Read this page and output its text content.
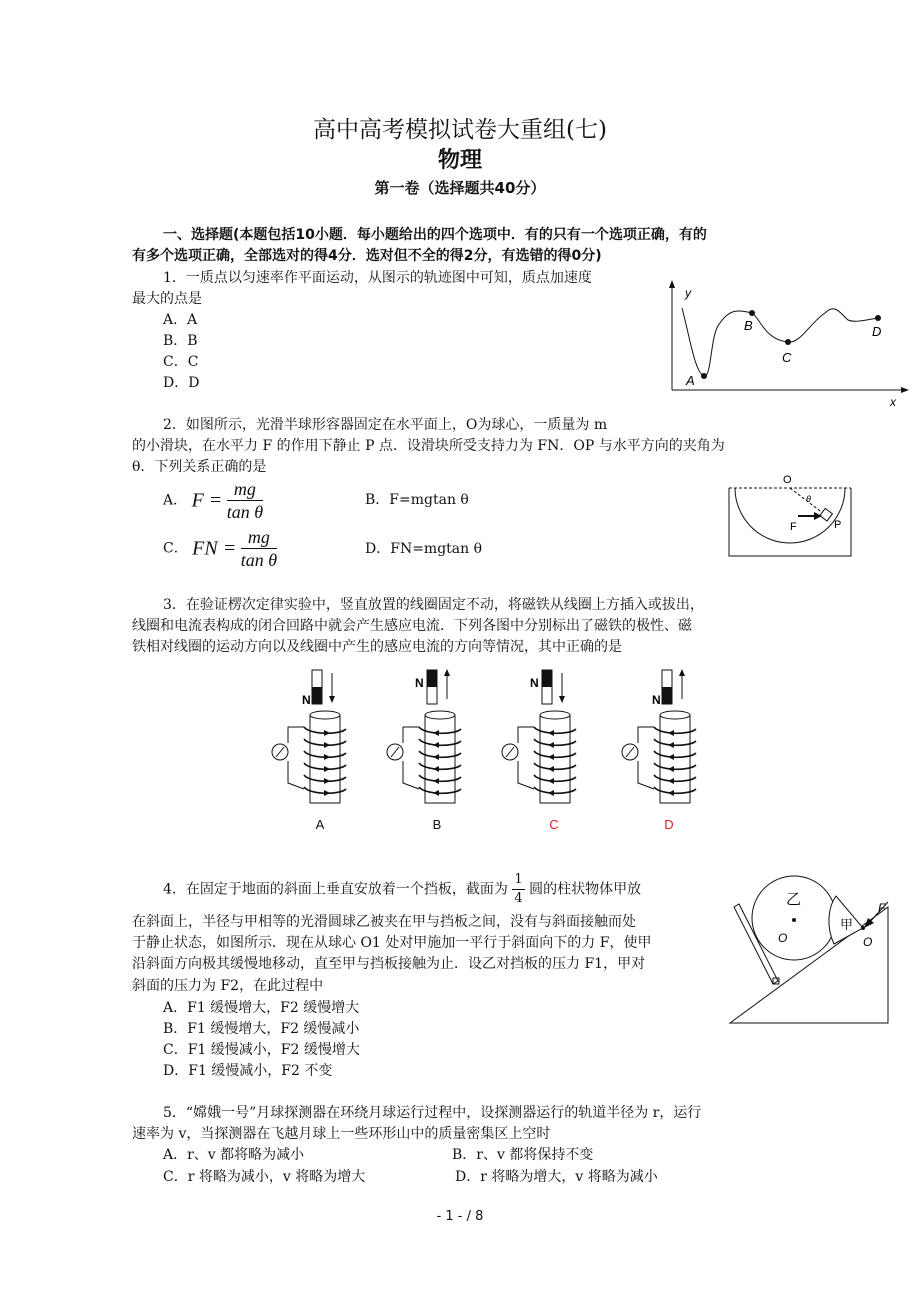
高中高考模拟试卷大重组(七)
物理
第一卷（选择题共40分）
一、选择题(本题包括10小题．每小题给出的四个选项中．有的只有一个选项正确，有的
有多个选项正确，全部选对的得4分．选对但不全的得2分，有选错的得0分)
1．一质点以匀速率作平面运动，从图示的轨迹图中可知，质点加速度
最大的点是
A．A
B．B
C．C
D．D
y
x
A
B
C
D
2．如图所示，光滑半球形容器固定在水平面上，O为球心，一质量为 m
的小滑块，在水平力 F 的作用下静止 P 点．设滑块所受支持力为 FN．OP 与水平方向的夹角为
θ．下列关系正确的是
A． $F = \frac{mg}{\text{tan θ}}$	B．F=mgtan θ
C． FN = $\frac{mg}{\text{tan θ}}$	D．FN=mgtan θ
O
θ
F	P
3．在验证楞次定律实验中，竖直放置的线圈固定不动，将磁铁从线圈上方插入或拔出，
线圈和电流表构成的闭合回路中就会产生感应电流．下列各图中分别标出了磁铁的极性、磁
铁相对线圈的运动方向以及线圈中产生的感应电流的方向等情况，其中正确的是
N
N	N
N
A	B	C	D
4．在固定于地面的斜面上垂直安放着一个挡板，截面为 $\frac{1}{4}$ 圆的柱状物体甲放
在斜面上，半径与甲相等的光滑圆球乙被夹在甲与挡板之间，没有与斜面接触而处
于静止状态，如图所示．现在从球心 O1 处对甲施加一平行于斜面向下的力 F，使甲
沿斜面方向极其缓慢地移动，直至甲与挡板接触为止．设乙对挡板的压力 F1，甲对
斜面的压力为 F2，在此过程中
A．F1 缓慢增大，F2 缓慢增大
B．F1 缓慢增大，F2 缓慢减小
C．F1 缓慢减小，F2 缓慢增大
D．F1 缓慢减小，F2 不变
乙
甲
O	O
F
5．“嫦娥一号”月球探测器在环绕月球运行过程中，设探测器运行的轨道半径为 r，运行
速率为 v，当探测器在飞越月球上一些环形山中的质量密集区上空时
A．r、v 都将略为减小	B．r、v 都将保持不变
C．r 将略为减小，v 将略为增大	D．r 将略为增大，v 将略为减小
- 1 - / 8
